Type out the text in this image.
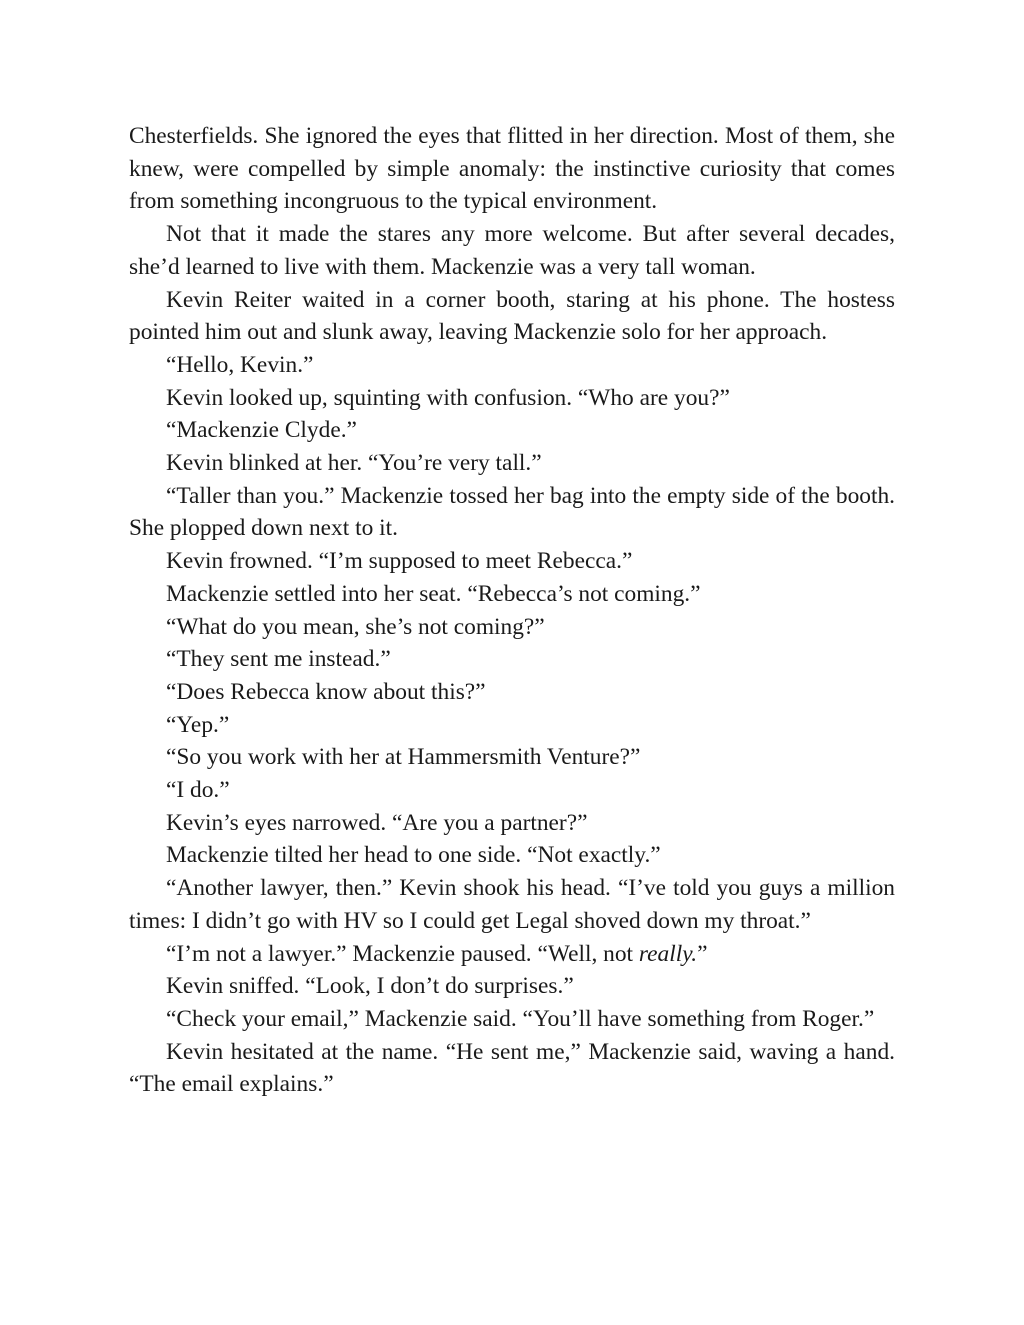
Chesterfields. She ignored the eyes that flitted in her direction. Most of them, she knew, were compelled by simple anomaly: the instinctive curiosity that comes from something incongruous to the typical environment.

Not that it made the stares any more welcome. But after several decades, she’d learned to live with them. Mackenzie was a very tall woman.

Kevin Reiter waited in a corner booth, staring at his phone. The hostess pointed him out and slunk away, leaving Mackenzie solo for her approach.

“Hello, Kevin.”

Kevin looked up, squinting with confusion. “Who are you?”

“Mackenzie Clyde.”

Kevin blinked at her. “You’re very tall.”

“Taller than you.” Mackenzie tossed her bag into the empty side of the booth. She plopped down next to it.

Kevin frowned. “I’m supposed to meet Rebecca.”

Mackenzie settled into her seat. “Rebecca’s not coming.”

“What do you mean, she’s not coming?”

“They sent me instead.”

“Does Rebecca know about this?”

“Yep.”

“So you work with her at Hammersmith Venture?”

“I do.”

Kevin’s eyes narrowed. “Are you a partner?”

Mackenzie tilted her head to one side. “Not exactly.”

“Another lawyer, then.” Kevin shook his head. “I’ve told you guys a million times: I didn’t go with HV so I could get Legal shoved down my throat.”

“I’m not a lawyer.” Mackenzie paused. “Well, not really.”

Kevin sniffed. “Look, I don’t do surprises.”

“Check your email,” Mackenzie said. “You’ll have something from Roger.”

Kevin hesitated at the name. “He sent me,” Mackenzie said, waving a hand. “The email explains.”
